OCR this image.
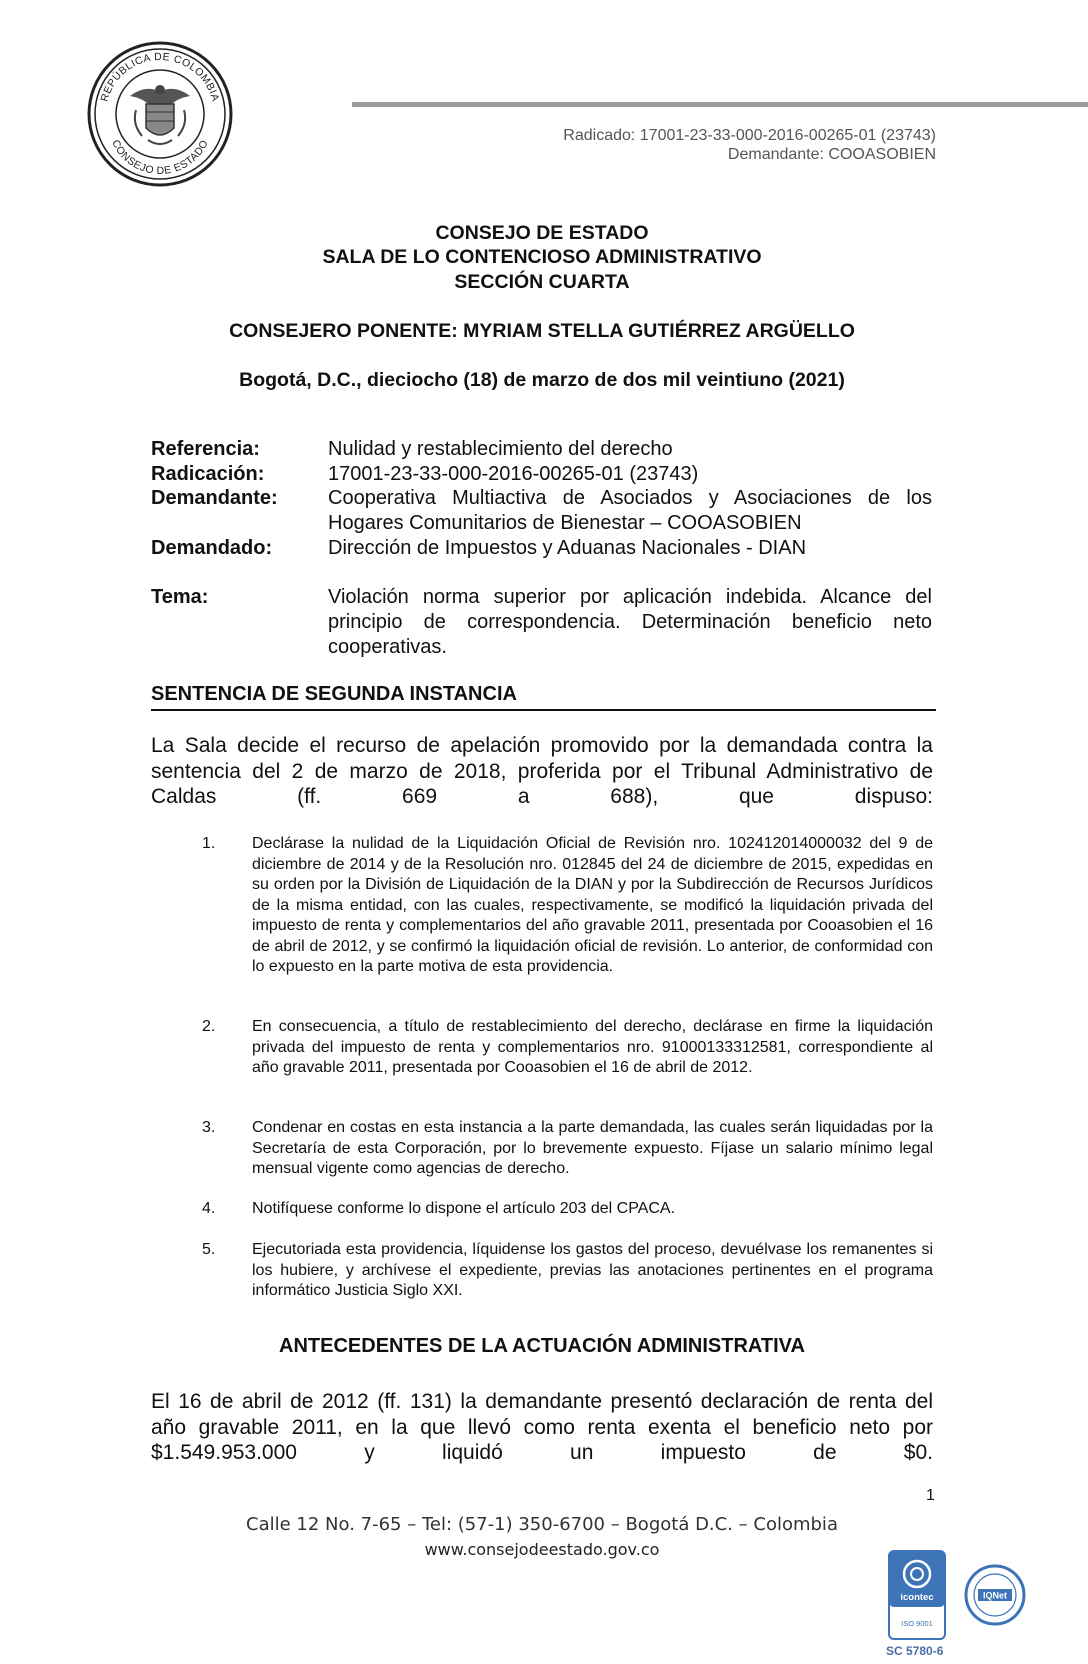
REPÚBLICA DE COLOMBIA
CONSEJO DE ESTADO
Radicado: 17001-23-33-000-2016-00265-01 (23743)
Demandante: COOASOBIEN
CONSEJO DE ESTADO
SALA DE LO CONTENCIOSO ADMINISTRATIVO
SECCIÓN CUARTA
CONSEJERO PONENTE: MYRIAM STELLA GUTIÉRREZ ARGÜELLO
Bogotá, D.C., dieciocho (18) de marzo de dos mil veintiuno (2021)
Referencia:	Nulidad y restablecimiento del derecho
Radicación:	17001-23-33-000-2016-00265-01 (23743)
Demandante:	Cooperativa Multiactiva de Asociados y Asociaciones de los Hogares Comunitarios de Bienestar – COOASOBIEN
Demandado:	Dirección de Impuestos y Aduanas Nacionales - DIAN
Tema:	Violación norma superior por aplicación indebida. Alcance del principio de correspondencia. Determinación beneficio neto cooperativas.
SENTENCIA DE SEGUNDA INSTANCIA
La Sala decide el recurso de apelación promovido por la demandada contra la sentencia del 2 de marzo de 2018, proferida por el Tribunal Administrativo de Caldas (ff. 669 a 688), que dispuso:
1. Declárase la nulidad de la Liquidación Oficial de Revisión nro. 102412014000032 del 9 de diciembre de 2014 y de la Resolución nro. 012845 del 24 de diciembre de 2015, expedidas en su orden por la División de Liquidación de la DIAN y por la Subdirección de Recursos Jurídicos de la misma entidad, con las cuales, respectivamente, se modificó la liquidación privada del impuesto de renta y complementarios del año gravable 2011, presentada por Cooasobien el 16 de abril de 2012, y se confirmó la liquidación oficial de revisión. Lo anterior, de conformidad con lo expuesto en la parte motiva de esta providencia.
2. En consecuencia, a título de restablecimiento del derecho, declárase en firme la liquidación privada del impuesto de renta y complementarios nro. 91000133312581, correspondiente al año gravable 2011, presentada por Cooasobien el 16 de abril de 2012.
3. Condenar en costas en esta instancia a la parte demandada, las cuales serán liquidadas por la Secretaría de esta Corporación, por lo brevemente expuesto. Fíjase un salario mínimo legal mensual vigente como agencias de derecho.
4. Notifíquese conforme lo dispone el artículo 203 del CPACA.
5. Ejecutoriada esta providencia, líquidense los gastos del proceso, devuélvase los remanentes si los hubiere, y archívese el expediente, previas las anotaciones pertinentes en el programa informático Justicia Siglo XXI.
ANTECEDENTES DE LA ACTUACIÓN ADMINISTRATIVA
El 16 de abril de 2012 (ff. 131) la demandante presentó declaración de renta del año gravable 2011, en la que llevó como renta exenta el beneficio neto por $1.549.953.000 y liquidó un impuesto de $0.
1
Calle 12 No. 7-65 – Tel: (57-1) 350-6700 – Bogotá D.C. – Colombia
www.consejodeestado.gov.co
icontec
ISO 9001
IQNet
SC 5780-6
